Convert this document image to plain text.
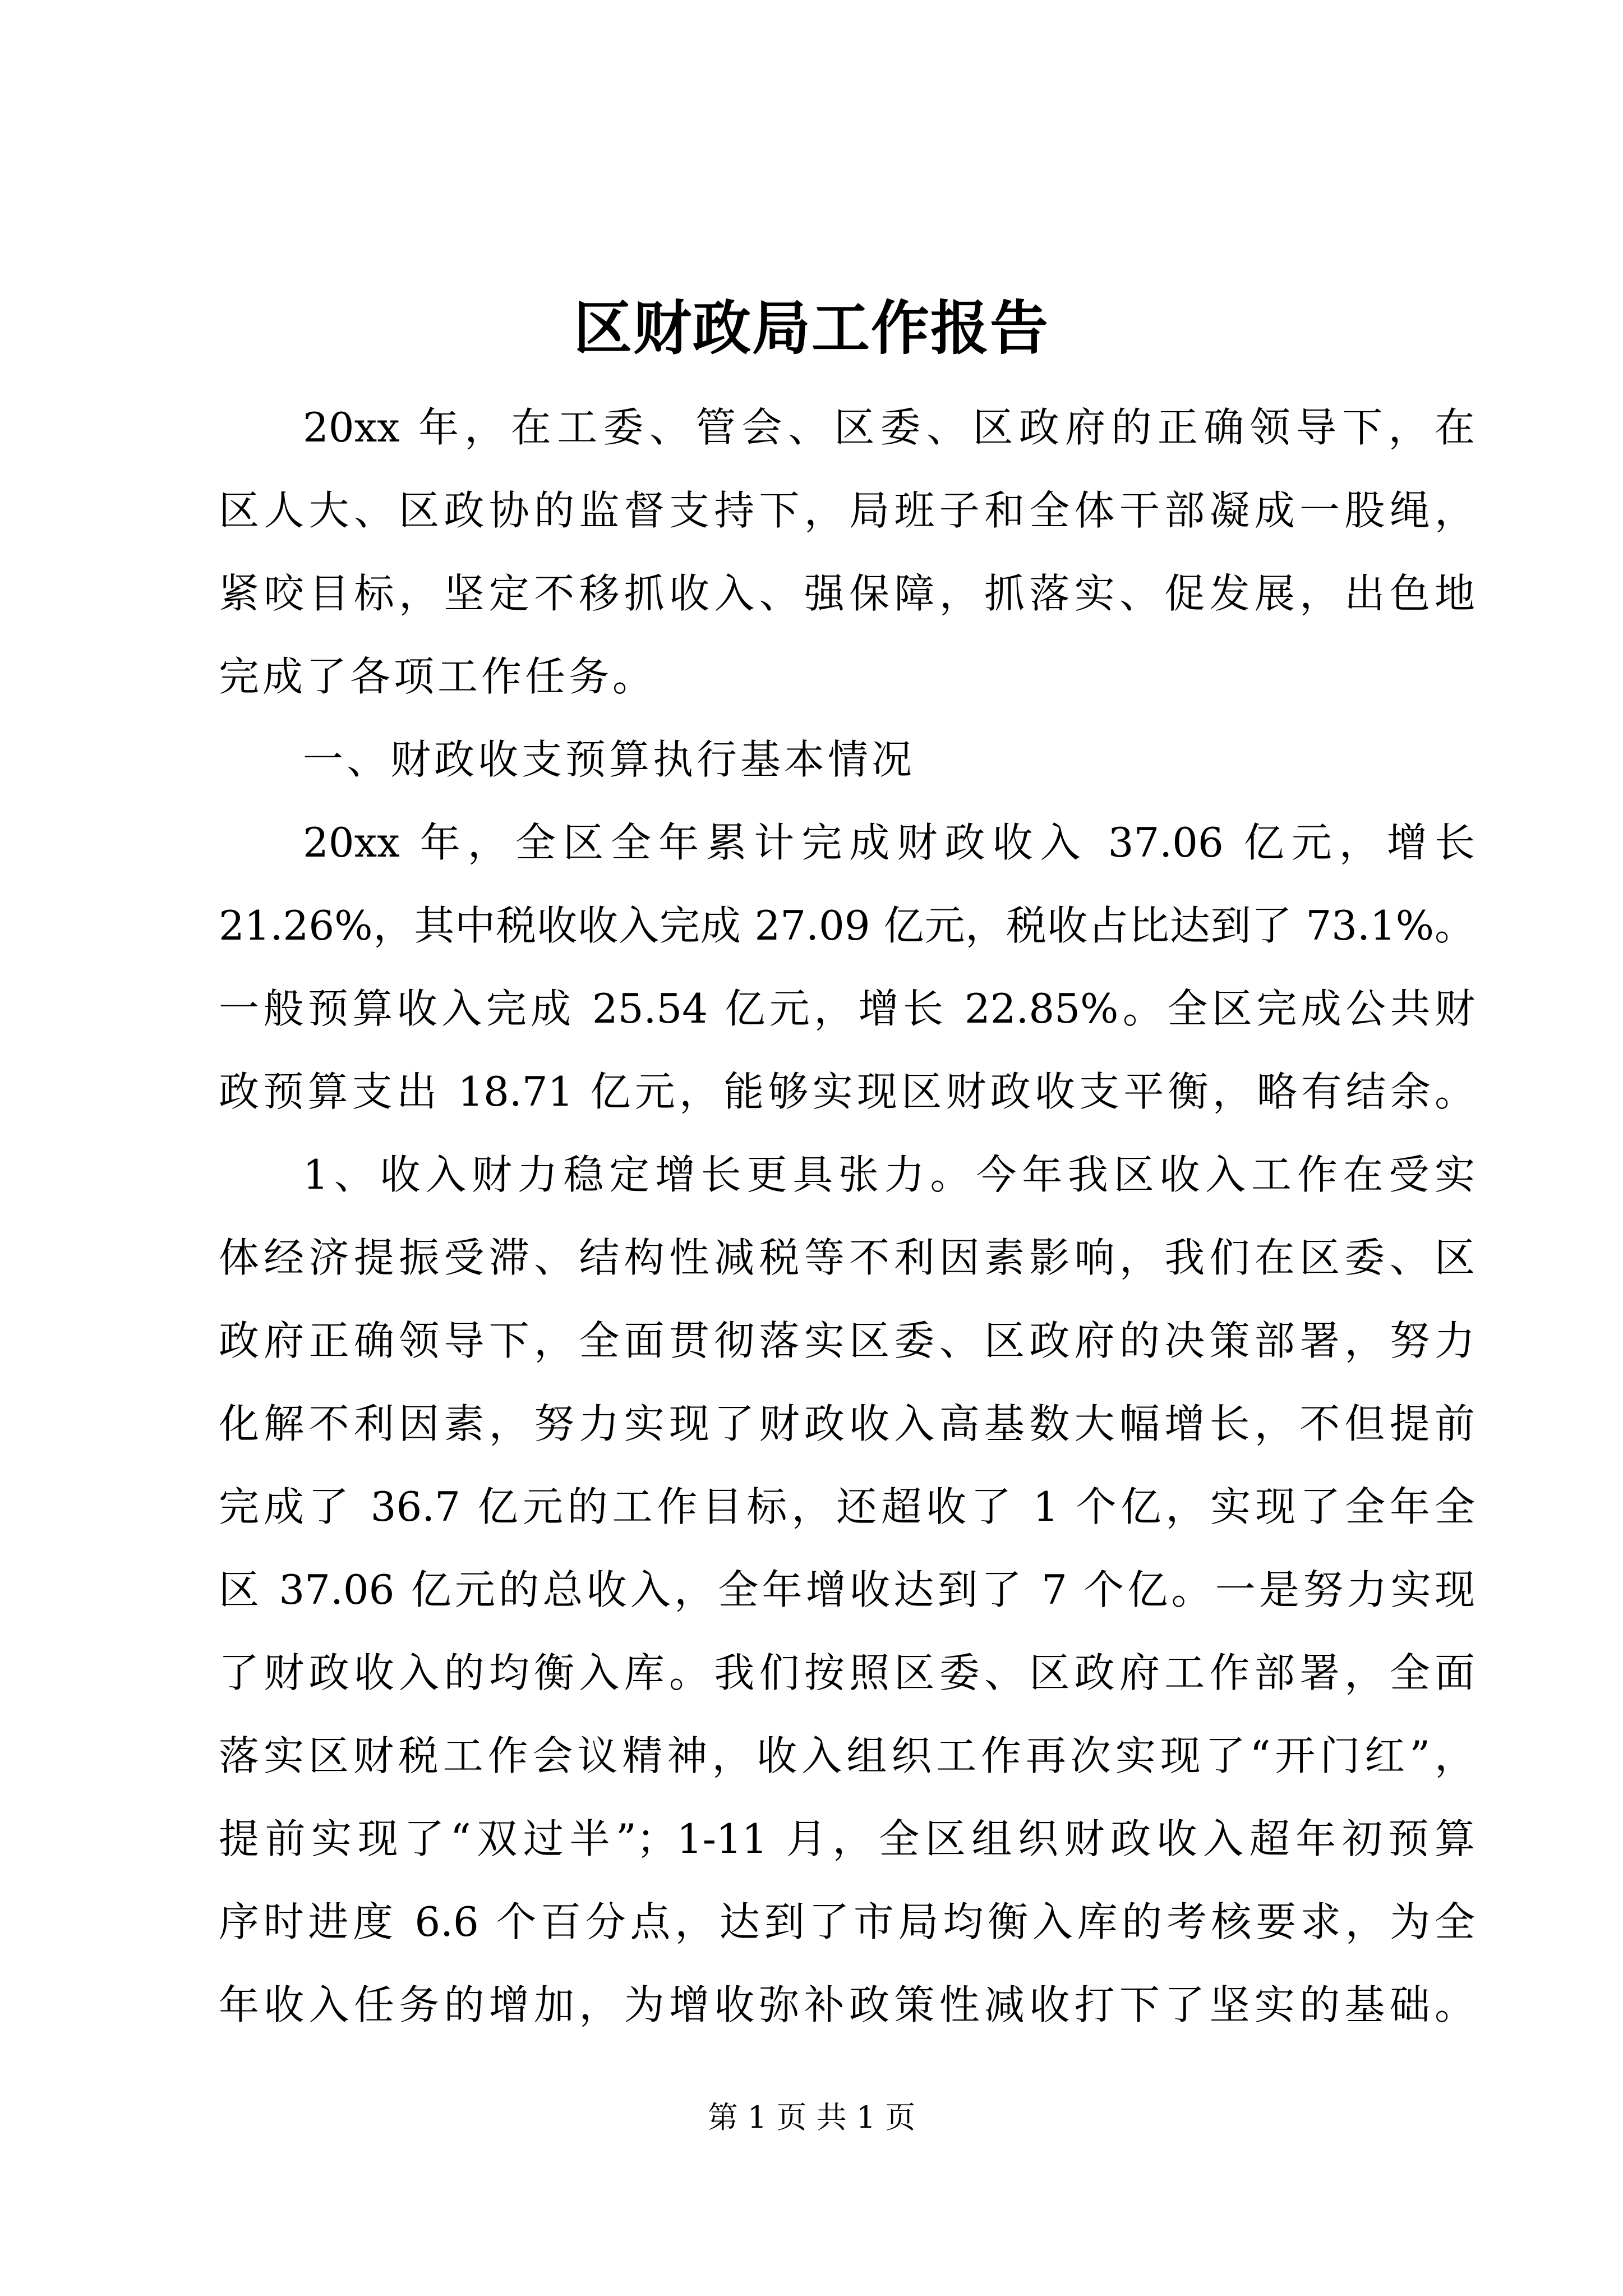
区财政局工作报告

20xx 年，在工委、管会、区委、区政府的正确领导下，在

区人大、区政协的监督支持下，局班子和全体干部凝成一股绳，

紧咬目标，坚定不移抓收入、强保障，抓落实、促发展，出色地

完成了各项工作任务。

一、财政收支预算执行基本情况

20xx 年，全区全年累计完成财政收入 37.06 亿元，增长

21.26%，其中税收收入完成 27.09 亿元，税收占比达到了 73.1%。

一般预算收入完成 25.54 亿元，增长 22.85%。全区完成公共财

政预算支出 18.71 亿元，能够实现区财政收支平衡，略有结余。

1、收入财力稳定增长更具张力。今年我区收入工作在受实

体经济提振受滞、结构性减税等不利因素影响，我们在区委、区

政府正确领导下，全面贯彻落实区委、区政府的决策部署，努力

化解不利因素，努力实现了财政收入高基数大幅增长，不但提前

完成了 36.7 亿元的工作目标，还超收了 1 个亿，实现了全年全

区 37.06 亿元的总收入，全年增收达到了 7 个亿。一是努力实现

了财政收入的均衡入库。我们按照区委、区政府工作部署，全面

落实区财税工作会议精神，收入组织工作再次实现了“开门红”，

提前实现了“双过半”；1-11 月，全区组织财政收入超年初预算

序时进度 6.6 个百分点，达到了市局均衡入库的考核要求，为全

年收入任务的增加，为增收弥补政策性减收打下了坚实的基础。

第 1 页 共 1 页
